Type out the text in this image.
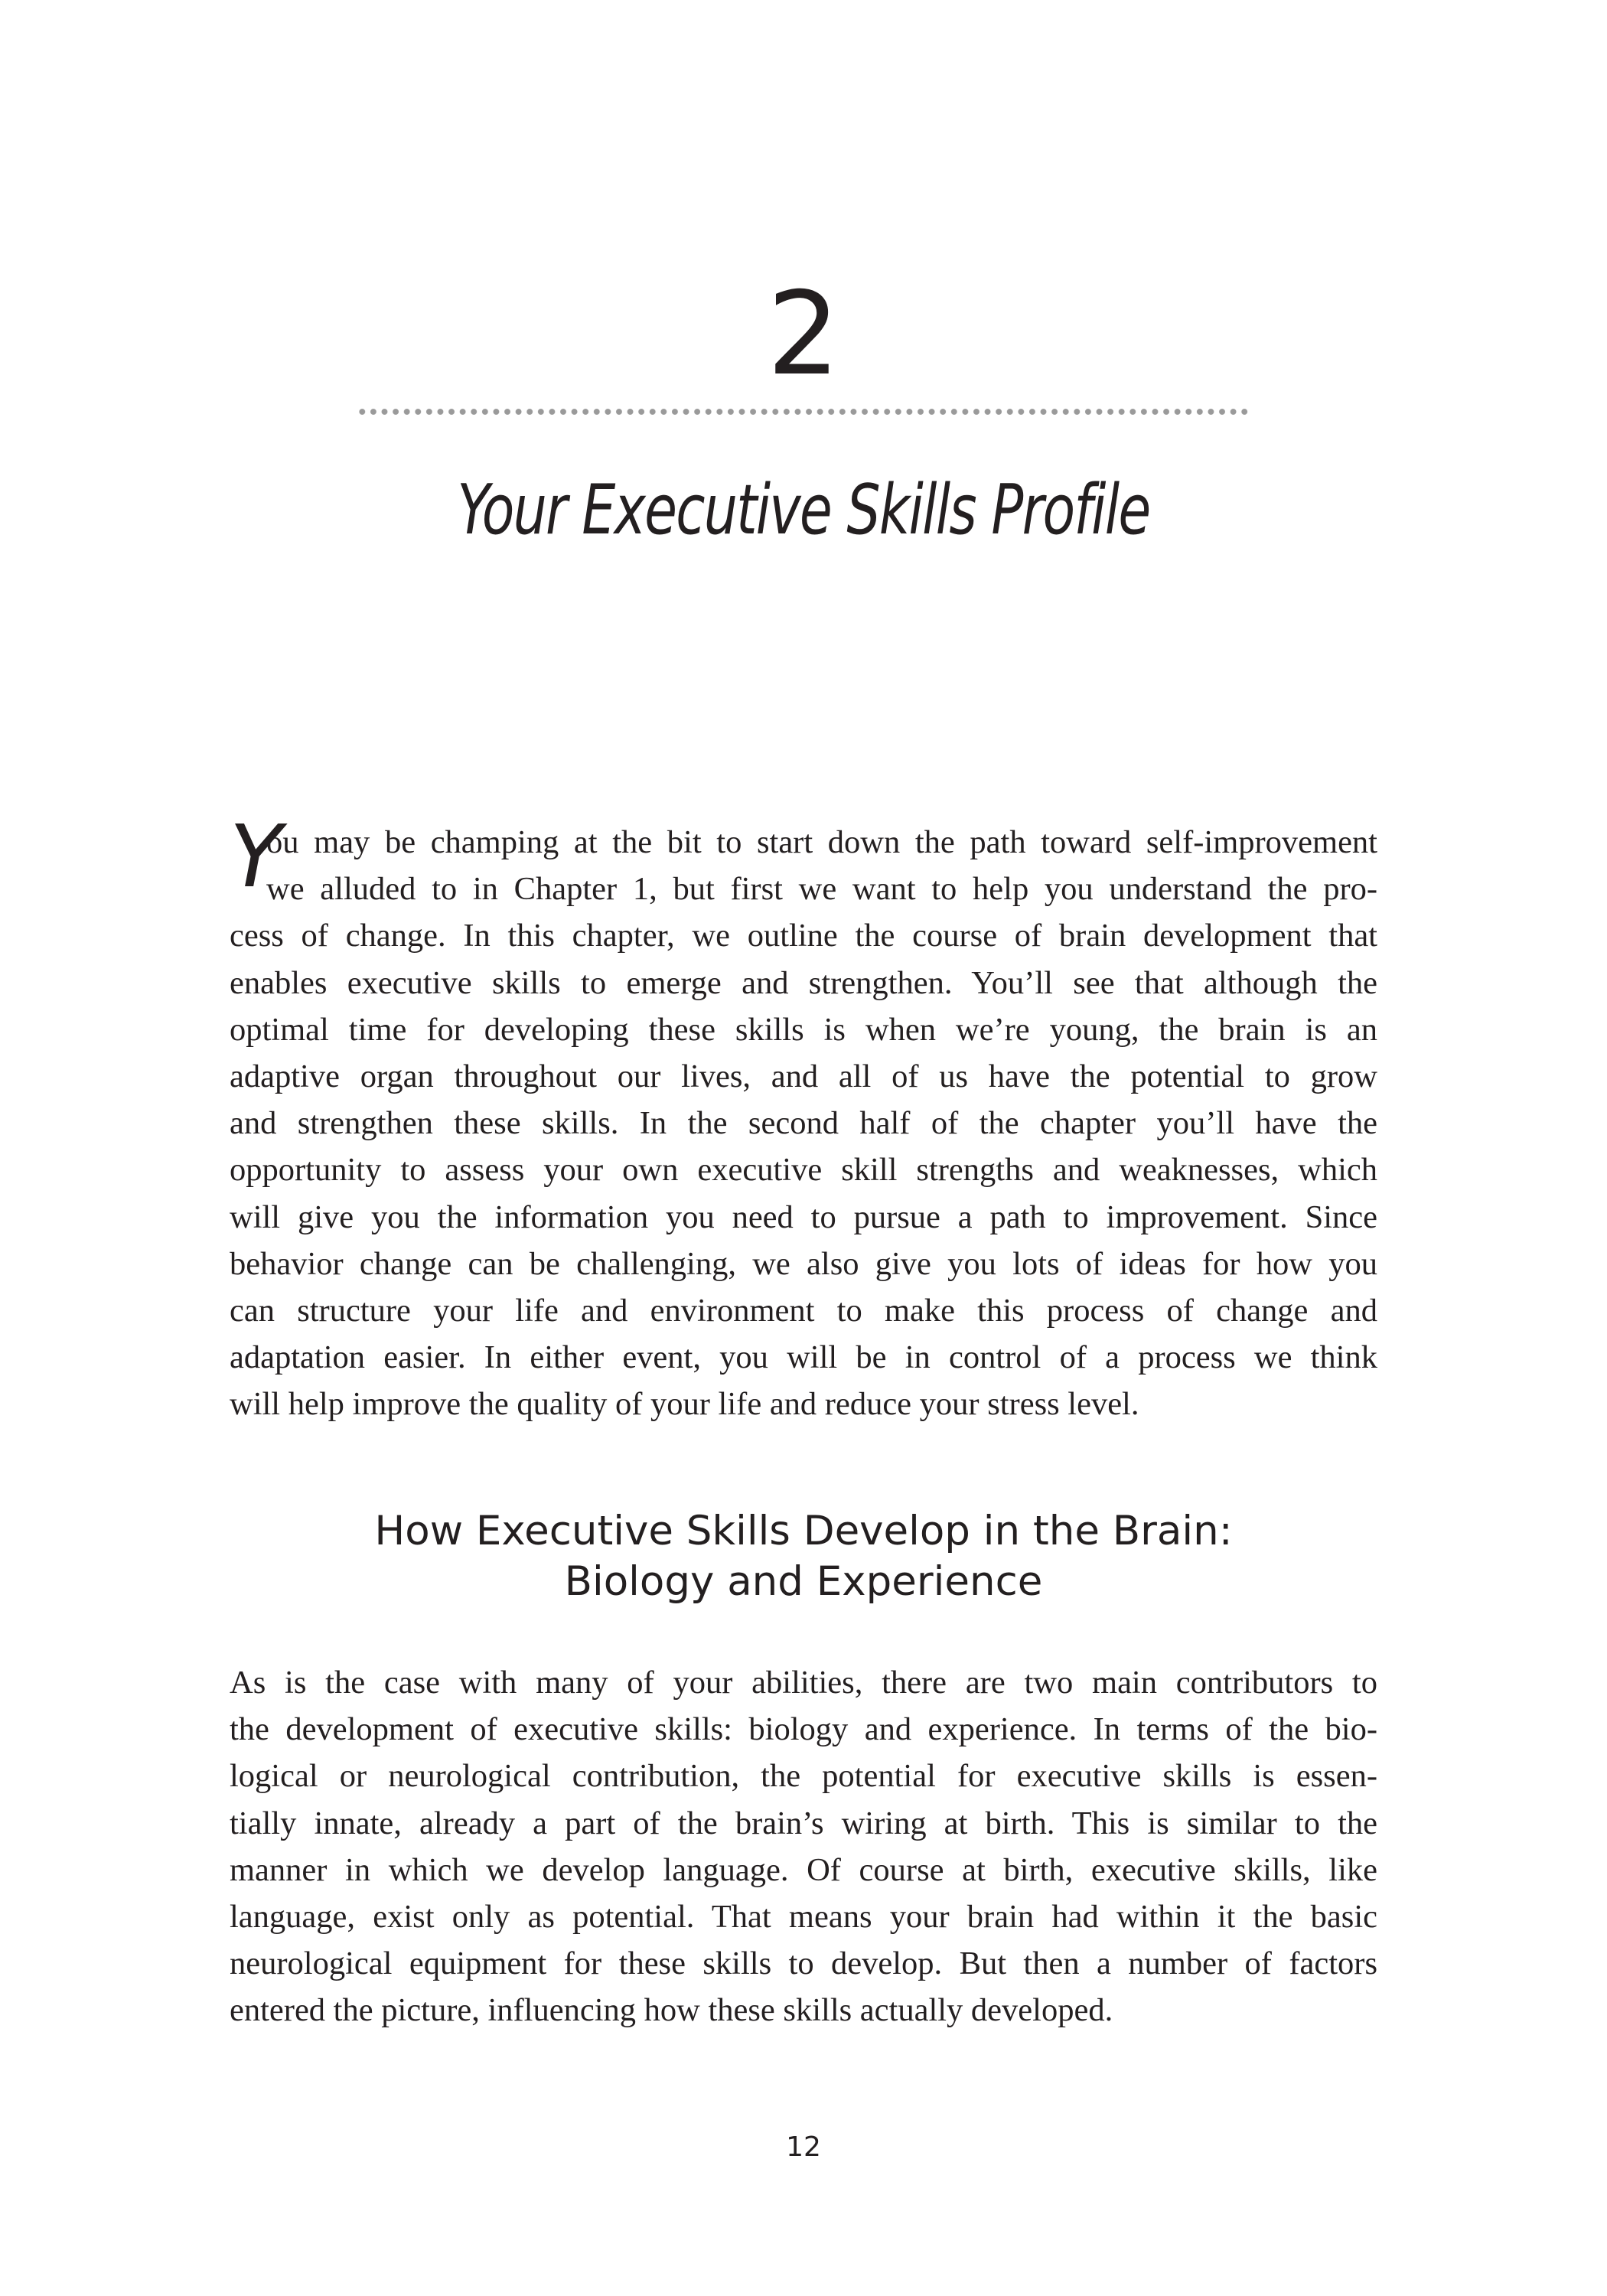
2
Your Executive Skills Profile
Y
ou may be champing at the bit to start down the path toward self-improvement
we alluded to in Chapter 1, but first we want to help you understand the pro-
cess of change. In this chapter, we outline the course of brain development that
enables executive skills to emerge and strengthen. You’ll see that although the
optimal time for developing these skills is when we’re young, the brain is an
adaptive organ throughout our lives, and all of us have the potential to grow
and strengthen these skills. In the second half of the chapter you’ll have the
opportunity to assess your own executive skill strengths and weaknesses, which
will give you the information you need to pursue a path to improvement. Since
behavior change can be challenging, we also give you lots of ideas for how you
can structure your life and environment to make this process of change and
adaptation easier. In either event, you will be in control of a process we think
will help improve the quality of your life and reduce your stress level.
How Executive Skills Develop in the Brain:
Biology and Experience
As is the case with many of your abilities, there are two main contributors to
the development of executive skills: biology and experience. In terms of the bio-
logical or neurological contribution, the potential for executive skills is essen-
tially innate, already a part of the brain’s wiring at birth. This is similar to the
manner in which we develop language. Of course at birth, executive skills, like
language, exist only as potential. That means your brain had within it the basic
neurological equipment for these skills to develop. But then a number of factors
entered the picture, influencing how these skills actually developed.
12
